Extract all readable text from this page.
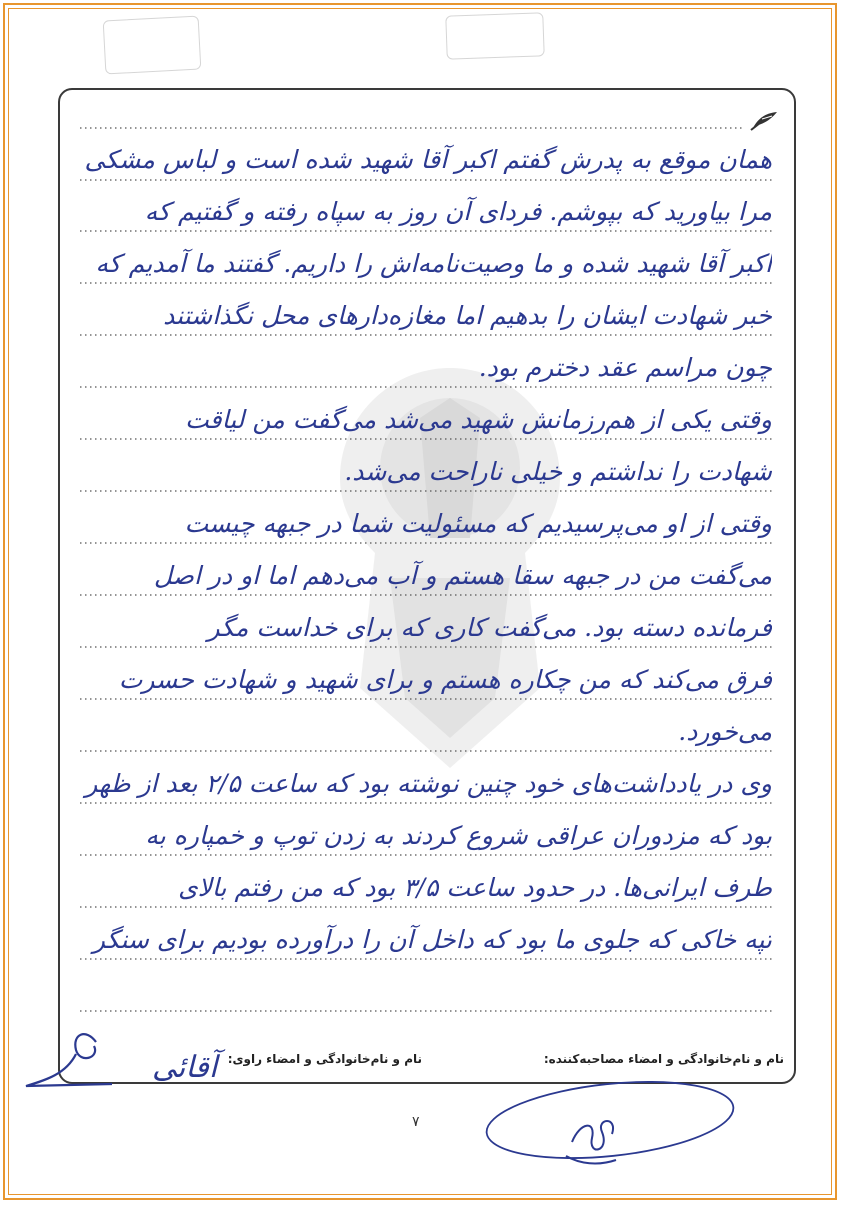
همان موقع به پدرش گفتم اکبر آقا شهید شده است و لباس مشکی

مرا بیاورید که بپوشم. فردای آن روز به سپاه رفته و گفتیم که

اکبر آقا شهید شده و ما وصیت‌نامه‌اش را داریم. گفتند ما آمدیم که

خبر شهادت ایشان را بدهیم اما مغازه‌دارهای محل نگذاشتند

چون مراسم عقد دخترم بود.

وقتی یکی از هم‌رزمانش شهید می‌شد می‌گفت من لیاقت

شهادت را نداشتم و خیلی ناراحت می‌شد.

وقتی از او می‌پرسیدیم که مسئولیت شما در جبهه چیست

می‌گفت من در جبهه سقا هستم و آب می‌دهم اما او در اصل

فرمانده دسته بود. می‌گفت کاری که برای خداست مگر

فرق می‌کند که من چکاره هستم و برای شهید و شهادت حسرت

می‌خورد.

وی در یادداشت‌های خود چنین نوشته بود که ساعت ۲/۵ بعد از ظهر

بود که مزدوران عراقی شروع کردند به زدن توپ و خمپاره به

طرف ایرانی‌ها. در حدود ساعت ۳/۵ بود که من رفتم بالای

تپه خاکی که جلوی ما بود که داخل آن را درآورده بودیم برای سنگر

نام و نام‌خانوادگی و امضاء مصاحبه‌کننده:
نام و نام‌خانوادگی و امضاء راوی:
آقائی
۷
